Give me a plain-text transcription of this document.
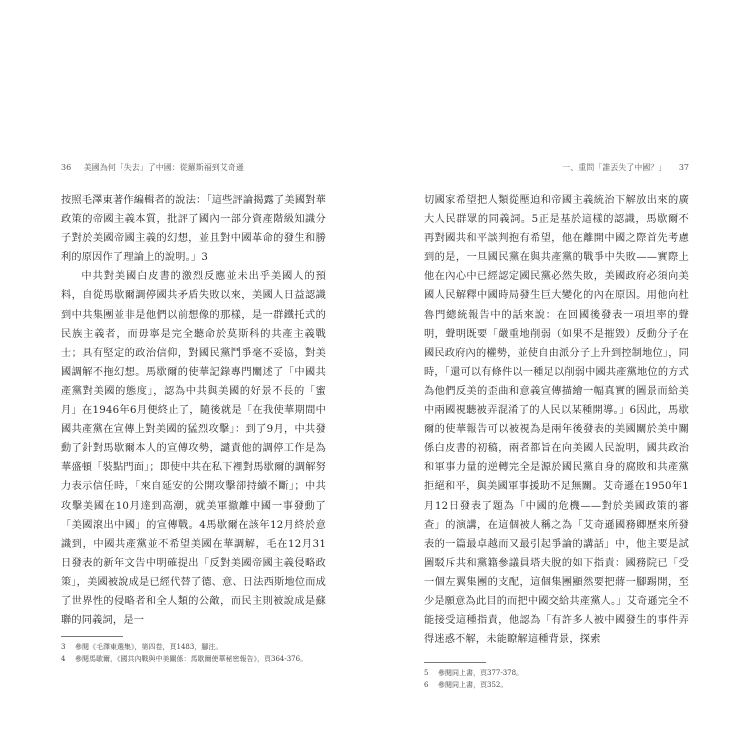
36 美國為何「失去」了中國：從羅斯福到艾奇遜

按照毛澤東著作編輯者的說法：「這些評論揭露了美國對華政策的帝國主義本質，批評了國內一部分資產階級知識分子對於美國帝國主義的幻想，並且對中國革命的發生和勝利的原因作了理論上的說明。」3

中共對美國白皮書的激烈反應並未出乎美國人的預料，自從馬歇爾調停國共矛盾失敗以來，美國人日益認識到中共集團並非是他們以前想像的那樣，是一群鐵托式的民族主義者，而毋寧是完全聽命於莫斯科的共產主義戰士；具有堅定的政治信仰，對國民黨鬥爭毫不妥協，對美國調解不拖幻想。馬歇爾的使華記錄專門闡述了「中國共產黨對美國的態度」，認為中共與美國的好景不長的「蜜月」在1946年6月便終止了，隨後就是「在我使華期間中國共產黨在宣傳上對美國的猛烈攻擊」：到了9月，中共發動了針對馬歇爾本人的宣傳攻勢，譴責他的調停工作是為華盛頓「裝點門面」；即使中共在私下裡對馬歇爾的調解努力表示信任時，「來自延安的公開攻擊卻持續不斷」；中共攻擊美國在10月達到高潮，就美軍撤離中國一事發動了「美國滾出中國」的宣傳戰。4馬歇爾在該年12月終於意識到，中國共產黨並不希望美國在華調解，毛在12月31日發表的新年文告中明確提出「反對美國帝國主義侵略政策」，美國被說成是已經代替了德、意、日法西斯地位而成了世界性的侵略者和全人類的公敵，而民主則被說成是蘇聯的同義詞，是一

3	參閱《毛澤東選集》，第四卷，頁1483，腳注。
4	參閱馬歇爾，《國共內戰與中美關係：馬歇爾使華秘密報告》，頁364-376。
一、重問「誰丟失了中國？」 37

切國家希望把人類從壓迫和帝國主義統治下解放出來的廣大人民群眾的同義詞。5正是基於這樣的認識，馬歇爾不再對國共和平談判抱有希望，他在離開中國之際首先考慮到的是，一旦國民黨在與共產黨的戰爭中失敗——實際上他在內心中已經認定國民黨必然失敗，美國政府必須向美國人民解釋中國時局發生巨大變化的內在原因。用他向杜魯門總統報告中的話來說：在回國後發表一項坦率的聲明，聲明既要「嚴重地削弱（如果不是摧毀）反動分子在國民政府內的權勢，並使自由派分子上升到控制地位」，同時，「還可以有條件以一種足以削弱中國共產黨地位的方式為他們反美的歪曲和意義宣傳描繪一幅真實的圖景而給美中兩國視聽被弄混淆了的人民以某種開導。」6因此，馬歇爾的使華報告可以被視為是兩年後發表的美國關於美中關係白皮書的初稿，兩者都旨在向美國人民說明，國共政治和軍事力量的逆轉完全是源於國民黨自身的腐敗和共產黨拒絕和平，與美國軍事援助不足無關。艾奇遜在1950年1月12日發表了題為「中國的危機——對於美國政策的審查」的演講，在這個被人稱之為「艾奇遜國務卿歷來所發表的一篇最卓越而又最引起爭論的講話」中，他主要是試圖駁斥共和黨籍參議員塔夫脫的如下指責：國務院已「受一個左翼集團的支配，這個集團顯然要把蔣一腳踢開，至少是願意為此目的而把中國交給共產黨人。」艾奇遜完全不能接受這種指責，他認為「有許多人被中國發生的事件弄得迷惑不解，未能瞭解這種背景，探索

5	參閱同上書，頁377-378。
6	參閱同上書，頁352。
